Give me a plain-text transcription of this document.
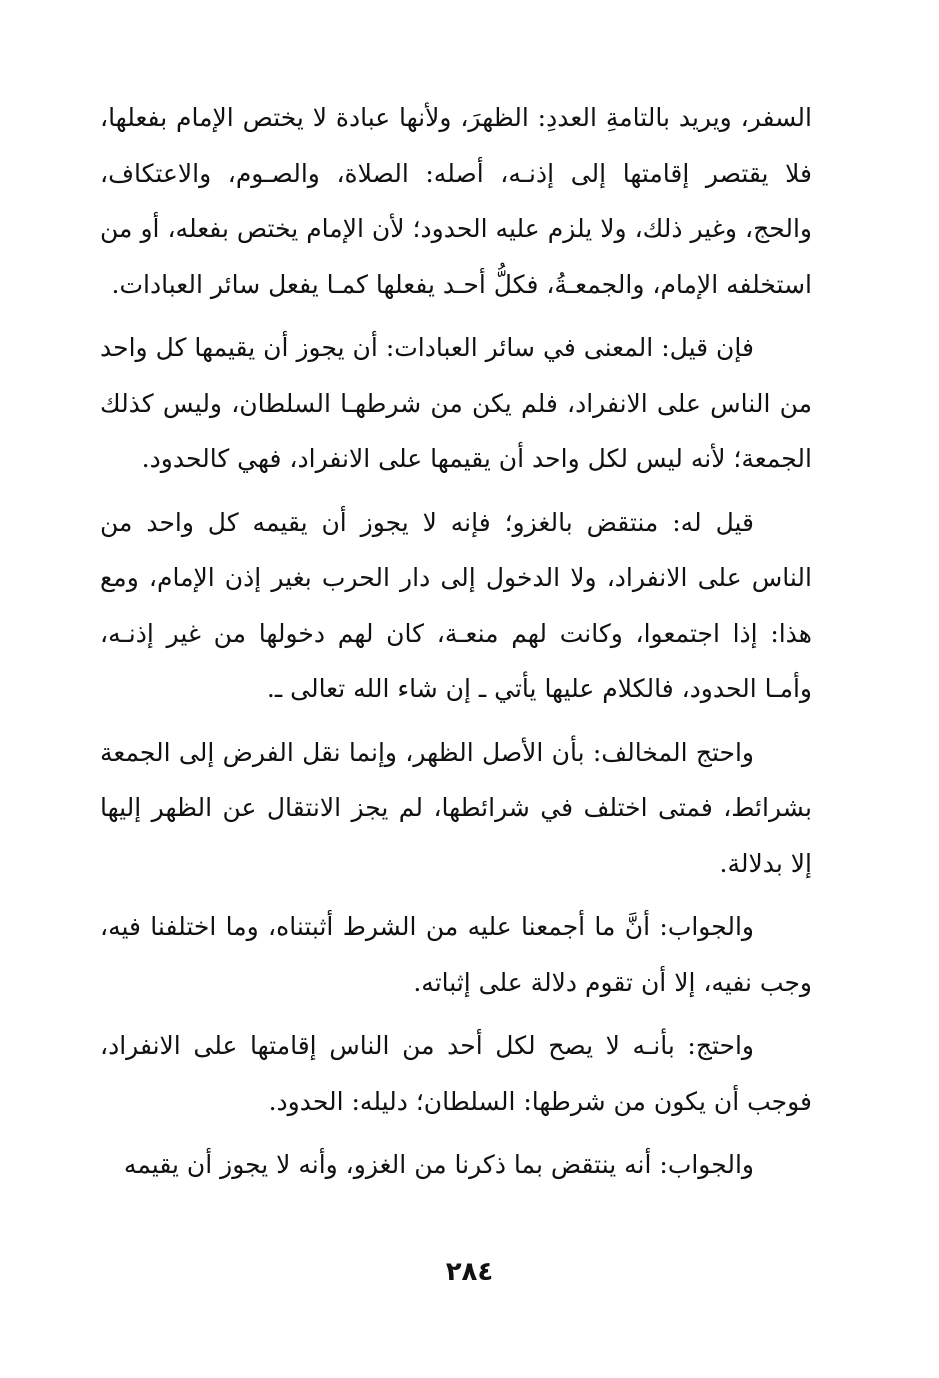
السفر، ويريد بالتامةِ العددِ: الظهرَ، ولأنها عبادة لا يختص الإمام بفعلها، فلا يقتصر إقامتها إلى إذنـه، أصله: الصلاة، والصـوم، والاعتكاف، والحج، وغير ذلك، ولا يلزم عليه الحدود؛ لأن الإمام يختص بفعله، أو من استخلفه الإمام، والجمعـةُ، فكلُّ أحـد يفعلها كمـا يفعل سائر العبادات.

فإن قيل: المعنى في سائر العبادات: أن يجوز أن يقيمها كل واحد من الناس على الانفراد، فلم يكن من شرطهـا السلطان، وليس كذلك الجمعة؛ لأنه ليس لكل واحد أن يقيمها على الانفراد، فهي كالحدود.

قيل له: منتقض بالغزو؛ فإنه لا يجوز أن يقيمه كل واحد من الناس على الانفراد، ولا الدخول إلى دار الحرب بغير إذن الإمام، ومع هذا: إذا اجتمعوا، وكانت لهم منعـة، كان لهم دخولها من غير إذنـه، وأمـا الحدود، فالكلام عليها يأتي ـ إن شاء الله تعالى ـ.

واحتج المخالف: بأن الأصل الظهر، وإنما نقل الفرض إلى الجمعة بشرائط، فمتى اختلف في شرائطها، لم يجز الانتقال عن الظهر إليها إلا بدلالة.

والجواب: أنَّ ما أجمعنا عليه من الشرط أثبتناه، وما اختلفنا فيه، وجب نفيه، إلا أن تقوم دلالة على إثباته.

واحتج: بأنـه لا يصح لكل أحد من الناس إقامتها على الانفراد، فوجب أن يكون من شرطها: السلطان؛ دليله: الحدود.

والجواب: أنه ينتقض بما ذكرنا من الغزو، وأنه لا يجوز أن يقيمه

٢٨٤
